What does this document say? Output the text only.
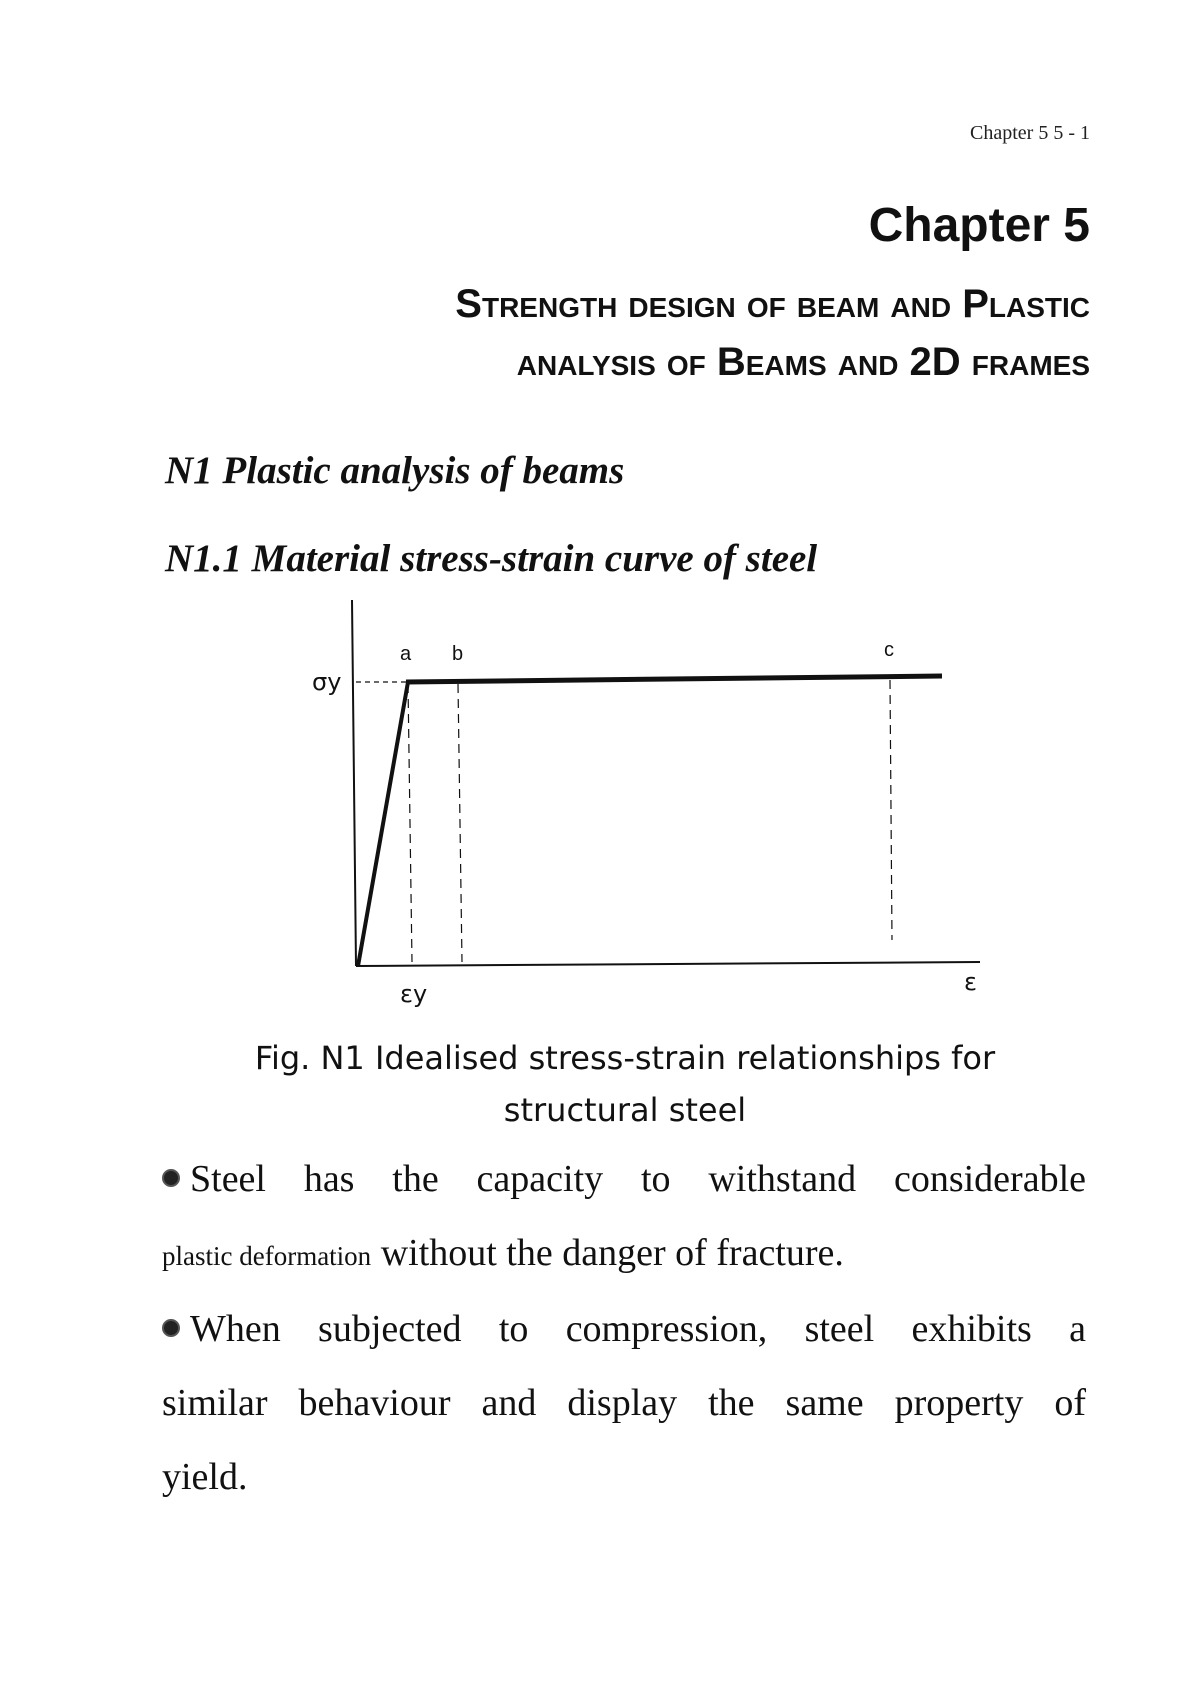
Chapter 5 5 - 1
Chapter 5
Strength design of beam and Plastic
analysis of Beams and 2D frames
N1 Plastic analysis of beams
N1.1 Material stress-strain curve of steel
a b	c
σy
εy	ε
Fig. N1 Idealised stress-strain relationships for
structural steel
Steel has the capacity to withstand considerable
plastic deformation without the danger of fracture.
When subjected to compression, steel exhibits a
similar behaviour and display the same property of
yield.
